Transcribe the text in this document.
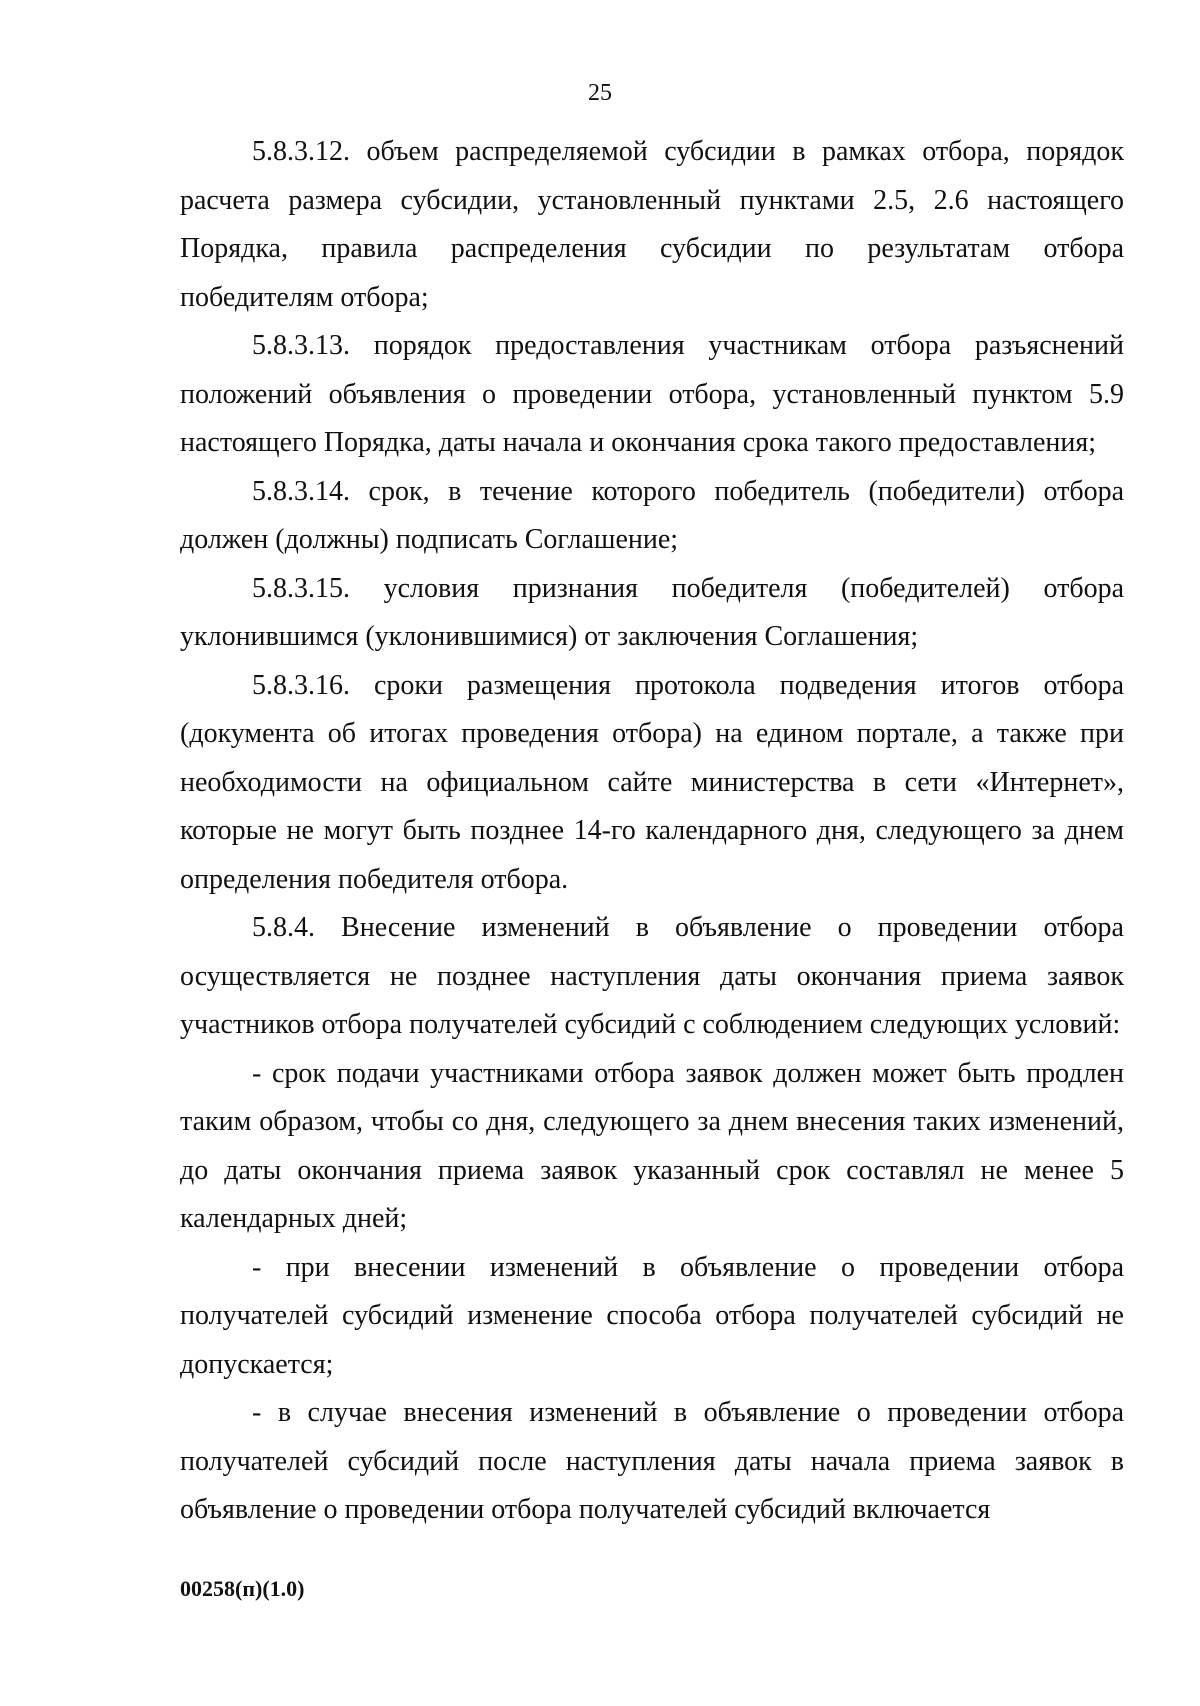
25

5.8.3.12. объем распределяемой субсидии в рамках отбора, порядок расчета размера субсидии, установленный пунктами 2.5, 2.6 настоящего Порядка, правила распределения субсидии по результатам отбора победителям отбора;

5.8.3.13. порядок предоставления участникам отбора разъяснений положений объявления о проведении отбора, установленный пунктом 5.9 настоящего Порядка, даты начала и окончания срока такого предоставления;

5.8.3.14. срок, в течение которого победитель (победители) отбора должен (должны) подписать Соглашение;

5.8.3.15. условия признания победителя (победителей) отбора уклонившимся (уклонившимися) от заключения Соглашения;

5.8.3.16. сроки размещения протокола подведения итогов отбора (документа об итогах проведения отбора) на едином портале, а также при необходимости на официальном сайте министерства в сети «Интернет», которые не могут быть позднее 14-го календарного дня, следующего за днем определения победителя отбора.

5.8.4. Внесение изменений в объявление о проведении отбора осуществляется не позднее наступления даты окончания приема заявок участников отбора получателей субсидий с соблюдением следующих условий:

- срок подачи участниками отбора заявок должен может быть продлен таким образом, чтобы со дня, следующего за днем внесения таких изменений, до даты окончания приема заявок указанный срок составлял не менее 5 календарных дней;

- при внесении изменений в объявление о проведении отбора получателей субсидий изменение способа отбора получателей субсидий не допускается;

- в случае внесения изменений в объявление о проведении отбора получателей субсидий после наступления даты начала приема заявок в объявление о проведении отбора получателей субсидий включается

00258(п)(1.0)
